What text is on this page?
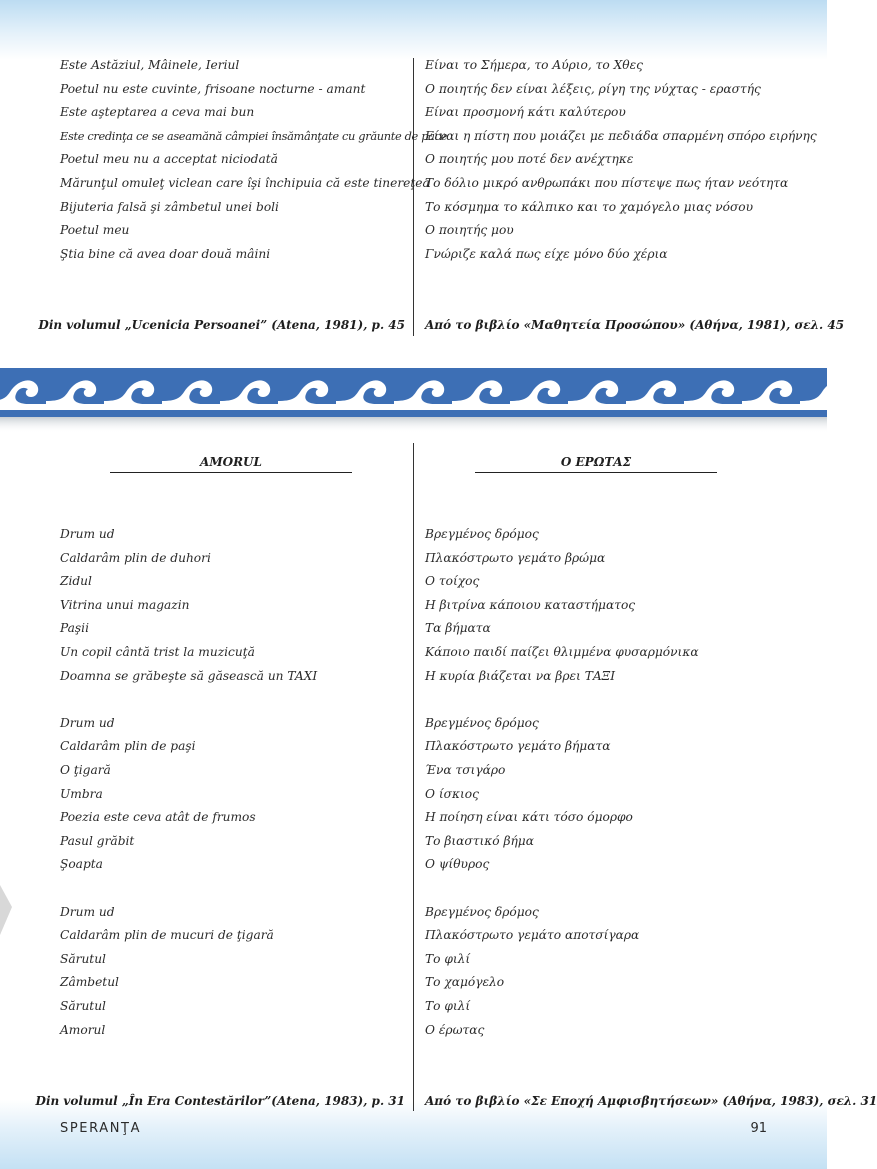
Este Astăziul, Mâinele, Ieriul
Poetul nu este cuvinte, frisoane nocturne - amant
Este aşteptarea a ceva mai bun
Este credinţa ce se aseamănă câmpiei însămânţate cu grăunte de pace
Poetul meu nu a acceptat niciodată
Mărunţul omuleţ viclean care îşi închipuia că este tinereţea
Bijuteria falsă şi zâmbetul unei boli
Poetul meu
Ştia bine că avea doar două mâini
Είναι το Σήμερα, το Αύριο, το Χθες
Ο ποιητής δεν είναι λέξεις, ρίγη της νύχτας - εραστής
Είναι προσμονή κάτι καλύτερου
Είναι η πίστη που μοιάζει με πεδιάδα σπαρμένη σπόρο ειρήνης
Ο ποιητής μου ποτέ δεν ανέχτηκε
Το δόλιο μικρό ανθρωπάκι που πίστεψε πως ήταν νεότητα
Το κόσμημα το κάλπικο και το χαμόγελο μιας νόσου
Ο ποιητής μου
Γνώριζε καλά πως είχε μόνο δύο χέρια
Din volumul „Ucenicia Persoanei” (Atena, 1981), p. 45 Από το βιβλίο «Μαθητεία Προσώπου» (Αθήνα, 1981), σελ. 45
AMORUL	Ο ΕΡΩΤΑΣ
Drum ud
Caldarâm plin de duhori
Zidul
Vitrina unui magazin
Paşii
Un copil cântă trist la muzicuţă
Doamna se grăbeşte să găsească un TAXI
Drum ud
Caldarâm plin de paşi
O ţigară
Umbra
Poezia este ceva atât de frumos
Pasul grăbit
Şoapta
Drum ud
Caldarâm plin de mucuri de ţigară
Sărutul
Zâmbetul
Sărutul
Amorul
Βρεγμένος δρόμος
Πλακόστρωτο γεμάτο βρώμα
Ο τοίχος
Η βιτρίνα κάποιου καταστήματος
Τα βήματα
Κάποιο παιδί παίζει θλιμμένα φυσαρμόνικα
Η κυρία βιάζεται να βρει ΤΑΞΙ
Βρεγμένος δρόμος
Πλακόστρωτο γεμάτο βήματα
Ένα τσιγάρο
Ο ίσκιος
Η ποίηση είναι κάτι τόσο όμορφο
Το βιαστικό βήμα
Ο ψίθυρος
Βρεγμένος δρόμος
Πλακόστρωτο γεμάτο αποτσίγαρα
Το φιλί
Το χαμόγελο
Το φιλί
Ο έρωτας
Din volumul „În Era Contestărilor”(Atena, 1983), p. 31 Από το βιβλίο «Σε Εποχή Αμφισβητήσεων» (Αθήνα, 1983), σελ. 31
SPERANŢA	91
